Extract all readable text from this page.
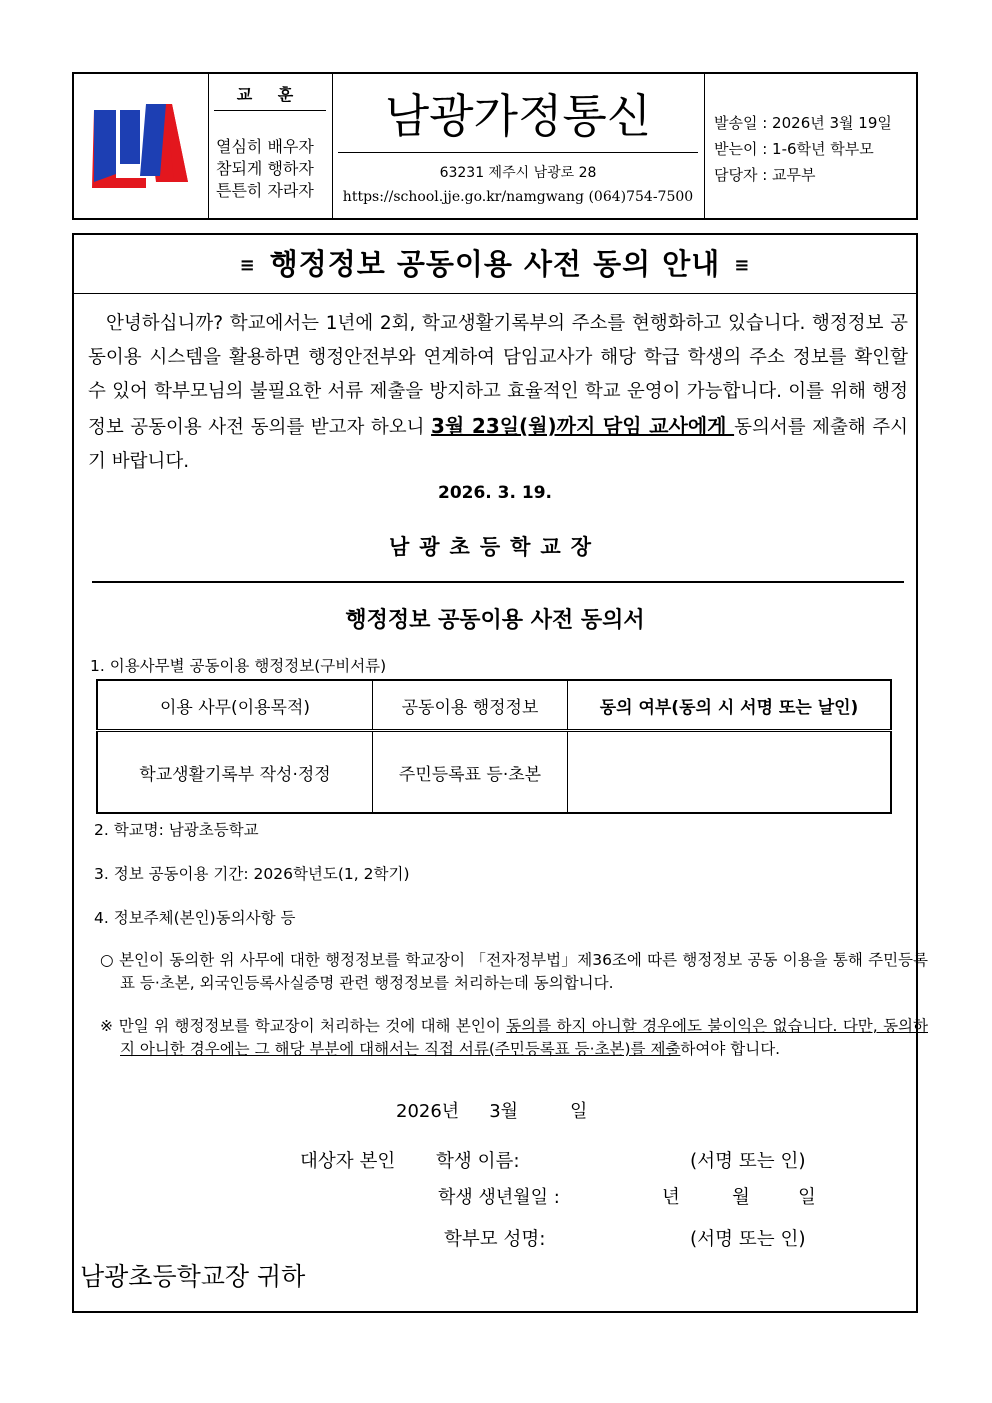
교 훈
열심히 배우자
참되게 행하자
튼튼히 자라자
남광가정통신
63231 제주시 남광로 28
https://school.jje.go.kr/namgwang (064)754-7500
발송일 : 2026년 3월 19일
받는이 : 1-6학년 학부모
담당자 : 교무부
≡ 행정정보 공동이용 사전 동의 안내 ≡
안녕하십니까? 학교에서는 1년에 2회, 학교생활기록부의 주소를 현행화하고 있습니다. 행정정보 공동이용 시스템을 활용하면 행정안전부와 연계하여 담임교사가 해당 학급 학생의 주소 정보를 확인할 수 있어 학부모님의 불필요한 서류 제출을 방지하고 효율적인 학교 운영이 가능합니다. 이를 위해 행정정보 공동이용 사전 동의를 받고자 하오니 3월 23일(월)까지 담임 교사에게 동의서를 제출해 주시기 바랍니다.
2026. 3. 19.
남광초등학교장
행정정보 공동이용 사전 동의서
1. 이용사무별 공동이용 행정정보(구비서류)
이용 사무(이용목적)	공동이용 행정정보	동의 여부(동의 시 서명 또는 날인)
학교생활기록부 작성·정정	주민등록표 등·초본	
2. 학교명: 남광초등학교
3. 정보 공동이용 기간: 2026학년도(1, 2학기)
4. 정보주체(본인)동의사항 등
○ 본인이 동의한 위 사무에 대한 행정정보를 학교장이 「전자정부법」제36조에 따른 행정정보 공동 이용을 통해 주민등록표 등·초본, 외국인등록사실증명 관련 행정정보를 처리하는데 동의합니다.
※ 만일 위 행정정보를 학교장이 처리하는 것에 대해 본인이 동의를 하지 아니할 경우에도 불이익은 없습니다. 다만, 동의하지 아니한 경우에는 그 해당 부분에 대해서는 직접 서류(주민등록표 등·초본)를 제출하여야 합니다.
2026년 3월	일
대상자 본인 학생 이름:	(서명 또는 인)
학생 생년월일 :	년	월	일
학부모 성명:	(서명 또는 인)
남광초등학교장 귀하
